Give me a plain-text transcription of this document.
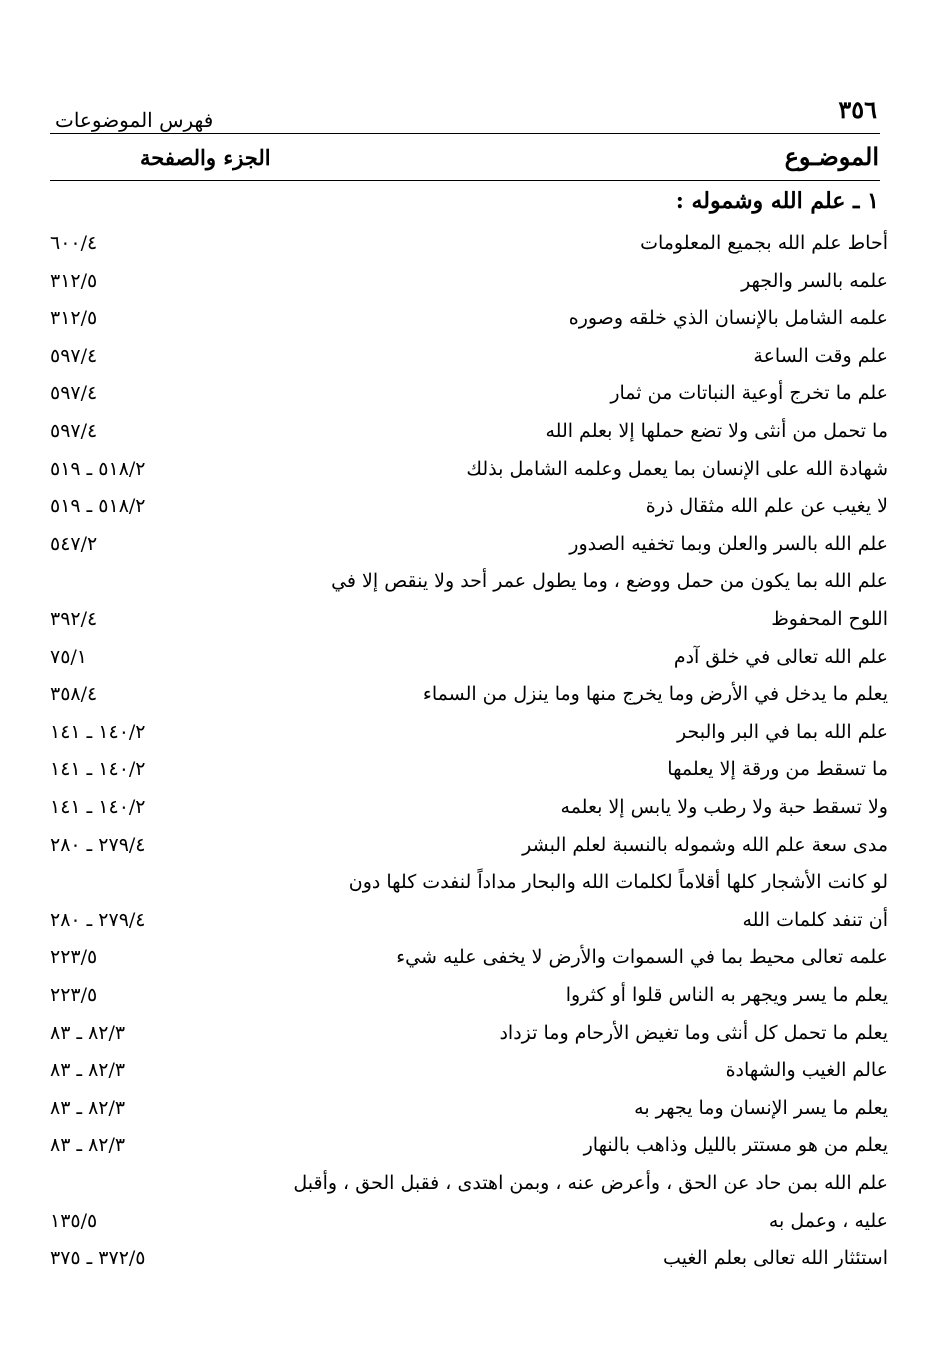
٣٥٦
فهرس الموضوعات
الموضـوع
الجزء والصفحة
١ ـ علم الله وشموله :
أحاط علم الله بجميع المعلومات
٦٠٠/٤
علمه بالسر والجهر
٣١٢/٥
علمه الشامل بالإنسان الذي خلقه وصوره
٣١٢/٥
علم وقت الساعة
٥٩٧/٤
علم ما تخرج أوعية النباتات من ثمار
٥٩٧/٤
ما تحمل من أنثى ولا تضع حملها إلا بعلم الله
٥٩٧/٤
شهادة الله على الإنسان بما يعمل وعلمه الشامل بذلك
٥١٨/٢ ـ ٥١٩
لا يغيب عن علم الله مثقال ذرة
٥١٨/٢ ـ ٥١٩
علم الله بالسر والعلن وبما تخفيه الصدور
٥٤٧/٢
علم الله بما يكون من حمل ووضع ، وما يطول عمر أحد ولا ينقص إلا في
اللوح المحفوظ
٣٩٢/٤
علم الله تعالى في خلق آدم
٧٥/١
يعلم ما يدخل في الأرض وما يخرج منها وما ينزل من السماء
٣٥٨/٤
علم الله بما في البر والبحر
١٤٠/٢ ـ ١٤١
ما تسقط من ورقة إلا يعلمها
١٤٠/٢ ـ ١٤١
ولا تسقط حبة ولا رطب ولا يابس إلا بعلمه
١٤٠/٢ ـ ١٤١
مدى سعة علم الله وشموله بالنسبة لعلم البشر
٢٧٩/٤ ـ ٢٨٠
لو كانت الأشجار كلها أقلاماً لكلمات الله والبحار مداداً لنفدت كلها دون
أن تنفد كلمات الله
٢٧٩/٤ ـ ٢٨٠
علمه تعالى محيط بما في السموات والأرض لا يخفى عليه شيء
٢٢٣/٥
يعلم ما يسر ويجهر به الناس قلوا أو كثروا
٢٢٣/٥
يعلم ما تحمل كل أنثى وما تغيض الأرحام وما تزداد
٨٢/٣ ـ ٨٣
عالم الغيب والشهادة
٨٢/٣ ـ ٨٣
يعلم ما يسر الإنسان وما يجهر به
٨٢/٣ ـ ٨٣
يعلم من هو مستتر بالليل وذاهب بالنهار
٨٢/٣ ـ ٨٣
علم الله بمن حاد عن الحق ، وأعرض عنه ، وبمن اهتدى ، فقبل الحق ، وأقبل
عليه ، وعمل به
١٣٥/٥
استئثار الله تعالى بعلم الغيب
٣٧٢/٥ ـ ٣٧٥
